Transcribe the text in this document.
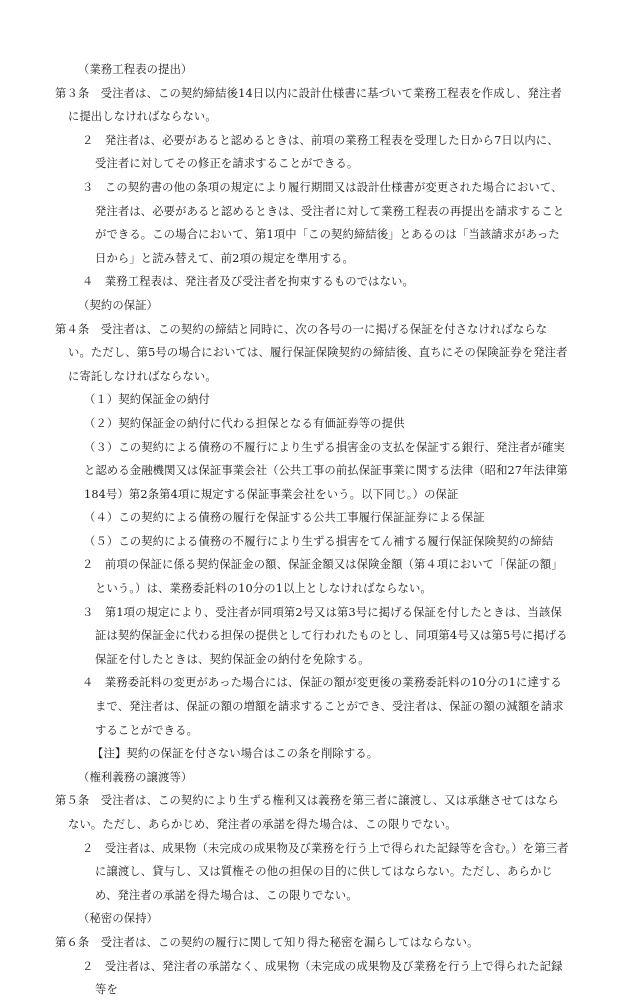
（業務工程表の提出）
第３条　受注者は、この契約締結後14日以内に設計仕様書に基づいて業務工程表を作成し、発注者に提出しなければならない。
２　発注者は、必要があると認めるときは、前項の業務工程表を受理した日から7日以内に、受注者に対してその修正を請求することができる。
３　この契約書の他の条項の規定により履行期間又は設計仕様書が変更された場合において、発注者は、必要があると認めるときは、受注者に対して業務工程表の再提出を請求することができる。この場合において、第1項中「この契約締結後」とあるのは「当該請求があった日から」と読み替えて、前2項の規定を準用する。
４　業務工程表は、発注者及び受注者を拘束するものではない。
（契約の保証）
第４条　受注者は、この契約の締結と同時に、次の各号の一に掲げる保証を付さなければならない。ただし、第5号の場合においては、履行保証保険契約の締結後、直ちにその保険証券を発注者に寄託しなければならない。
（１）契約保証金の納付
（２）契約保証金の納付に代わる担保となる有価証券等の提供
（３）この契約による債務の不履行により生ずる損害金の支払を保証する銀行、発注者が確実と認める金融機関又は保証事業会社（公共工事の前払保証事業に関する法律（昭和27年法律第184号）第2条第4項に規定する保証事業会社をいう。以下同じ。）の保証
（４）この契約による債務の履行を保証する公共工事履行保証証券による保証
（５）この契約による債務の不履行により生ずる損害をてん補する履行保証保険契約の締結
２　前項の保証に係る契約保証金の額、保証金額又は保険金額（第４項において「保証の額」という。）は、業務委託料の10分の1以上としなければならない。
３　第1項の規定により、受注者が同項第2号又は第3号に掲げる保証を付したときは、当該保証は契約保証金に代わる担保の提供として行われたものとし、同項第4号又は第5号に掲げる保証を付したときは、契約保証金の納付を免除する。
４　業務委託料の変更があった場合には、保証の額が変更後の業務委託料の10分の1に達するまで、発注者は、保証の額の増額を請求することができ、受注者は、保証の額の減額を請求することができる。
【注】契約の保証を付さない場合はこの条を削除する。
（権利義務の譲渡等）
第５条　受注者は、この契約により生ずる権利又は義務を第三者に譲渡し、又は承継させてはならない。ただし、あらかじめ、発注者の承諾を得た場合は、この限りでない。
２　受注者は、成果物（未完成の成果物及び業務を行う上で得られた記録等を含む。）を第三者に譲渡し、貸与し、又は質権その他の担保の目的に供してはならない。ただし、あらかじめ、発注者の承諾を得た場合は、この限りでない。
（秘密の保持）
第６条　受注者は、この契約の履行に関して知り得た秘密を漏らしてはならない。
２　受注者は、発注者の承諾なく、成果物（未完成の成果物及び業務を行う上で得られた記録等を
